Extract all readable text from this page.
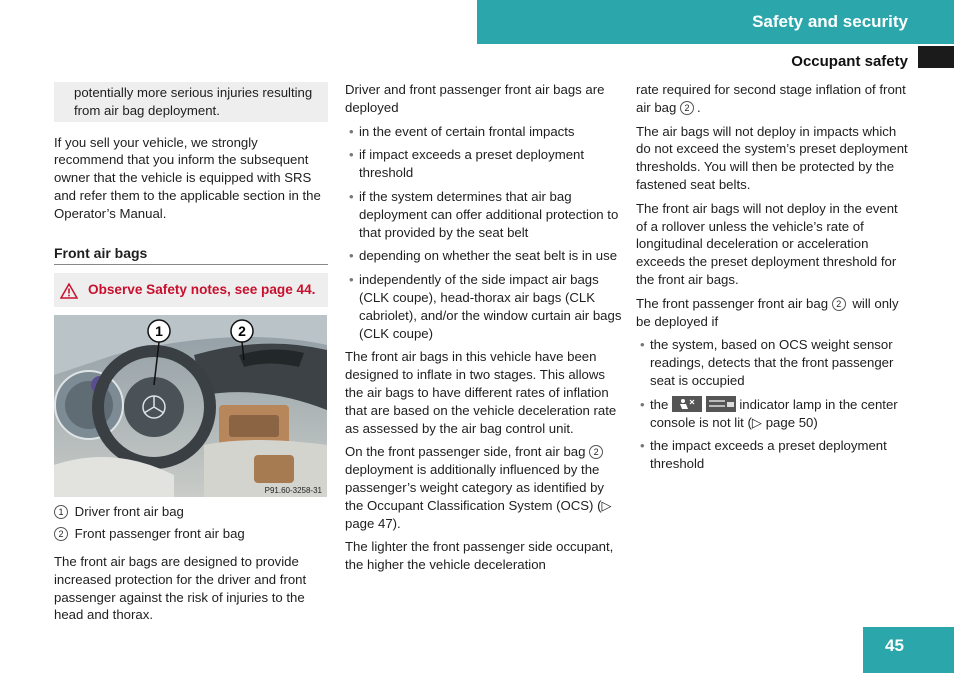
Safety and security
Occupant safety
potentially more serious injuries resulting from air bag deployment.

If you sell your vehicle, we strongly recommend that you inform the subsequent owner that the vehicle is equipped with SRS and refer them to the applicable section in the Operator’s Manual.

Front air bags
Observe Safety notes, see page 44.
1	2
P91.60-3258-31
1 Driver front air bag
2 Front passenger front air bag

The front air bags are designed to provide increased protection for the driver and front passenger against the risk of injuries to the head and thorax.

Driver and front passenger front air bags are deployed

• in the event of certain frontal impacts
• if impact exceeds a preset deployment threshold
• if the system determines that air bag deployment can offer additional protection to that provided by the seat belt
• depending on whether the seat belt is in use
• independently of the side impact air bags (CLK coupe), head-thorax air bags (CLK cabriolet), and/or the window curtain air bags (CLK coupe)

The front air bags in this vehicle have been designed to inflate in two stages. This allows the air bags to have different rates of inflation that are based on the vehicle deceleration rate as assessed by the air bag control unit.

On the front passenger side, front air bag 2deployment is additionally influenced by the passenger’s weight category as identified by the Occupant Classification System (OCS) (▷ page 47).

The lighter the front passenger side occupant, the higher the vehicle deceleration

rate required for second stage inflation of front air bag 2 .

The air bags will not deploy in impacts which do not exceed the system’s preset deployment thresholds. You will then be protected by the fastened seat belts.

The front air bags will not deploy in the event of a rollover unless the vehicle’s rate of longitudinal deceleration or acceleration exceeds the preset deployment threshold for the front air bags.

The front passenger front air bag 2 will only be deployed if

• the system, based on OCS weight sensor readings, detects that the front passenger seat is occupied
• the	indicator lamp in the center console is not lit (▷ page 50)
• the impact exceeds a preset deployment threshold
45
